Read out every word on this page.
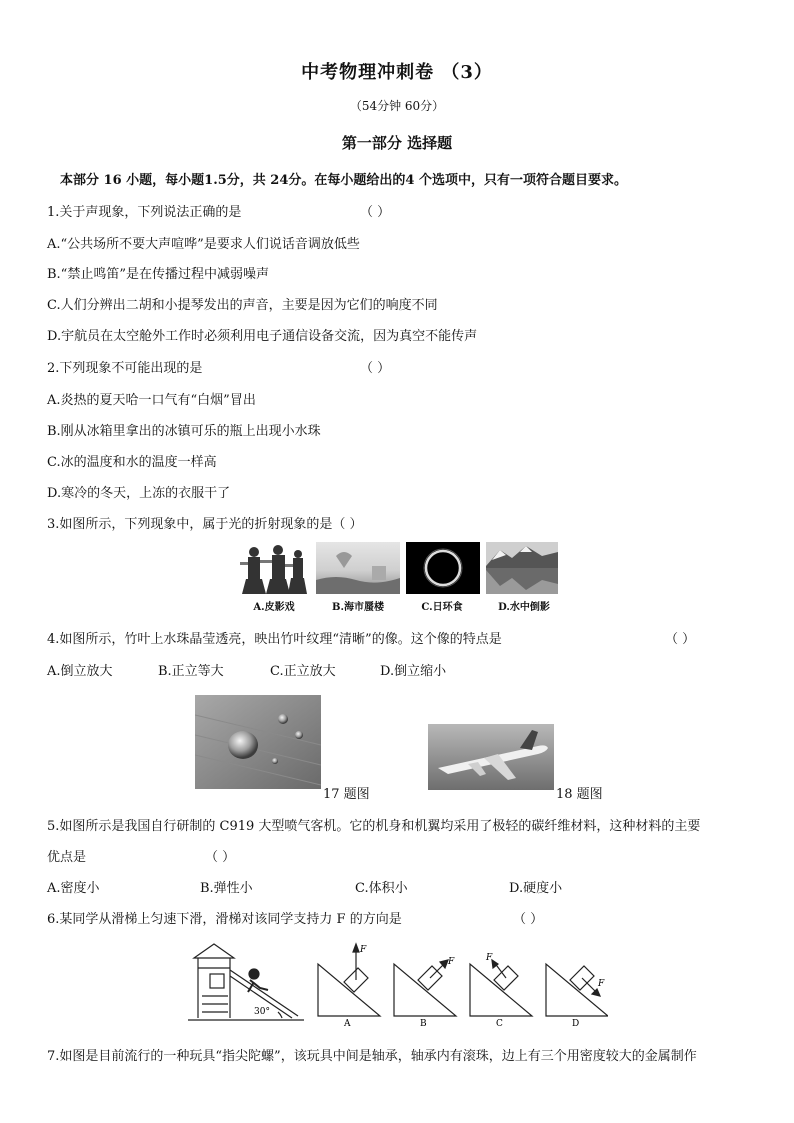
中考物理冲刺卷 （3）
（54分钟 60分）
第一部分 选择题
本部分 16 小题，每小题1.5分，共 24分。在每小题给出的4 个选项中，只有一项符合题目要求。
1.关于声现象，下列说法正确的是	（ ）
A.“公共场所不要大声喧哗”是要求人们说话音调放低些
B.“禁止鸣笛”是在传播过程中减弱噪声
C.人们分辨出二胡和小提琴发出的声音，主要是因为它们的响度不同
D.宇航员在太空舱外工作时必须利用电子通信设备交流，因为真空不能传声
2.下列现象不可能出现的是	（ ）
A.炎热的夏天哈一口气有“白烟”冒出
B.刚从冰箱里拿出的冰镇可乐的瓶上出现小水珠
C.冰的温度和水的温度一样高
D.寒冷的冬天，上冻的衣服干了
3.如图所示，下列现象中，属于光的折射现象的是（ ）
A.皮影戏	B.海市蜃楼	C.日环食	D.水中倒影
4.如图所示，竹叶上水珠晶莹透亮，映出竹叶纹理“清晰”的像。这个像的特点是	（ ）
A.倒立放大	B.正立等大	C.正立放大	D.倒立缩小
17 题图	18 题图
5.如图所示是我国自行研制的 C919 大型喷气客机。它的机身和机翼均采用了极轻的碳纤维材料，这种材料的主要
优点是	（ ）
A.密度小	B.弹性小	C.体积小	D.硬度小
6.某同学从滑梯上匀速下滑，滑梯对该同学支持力 F 的方向是	（ ）
30°
F
A
F
B
F
C
F
D
7.如图是目前流行的一种玩具“指尖陀螺”，该玩具中间是轴承，轴承内有滚珠，边上有三个用密度较大的金属制作
